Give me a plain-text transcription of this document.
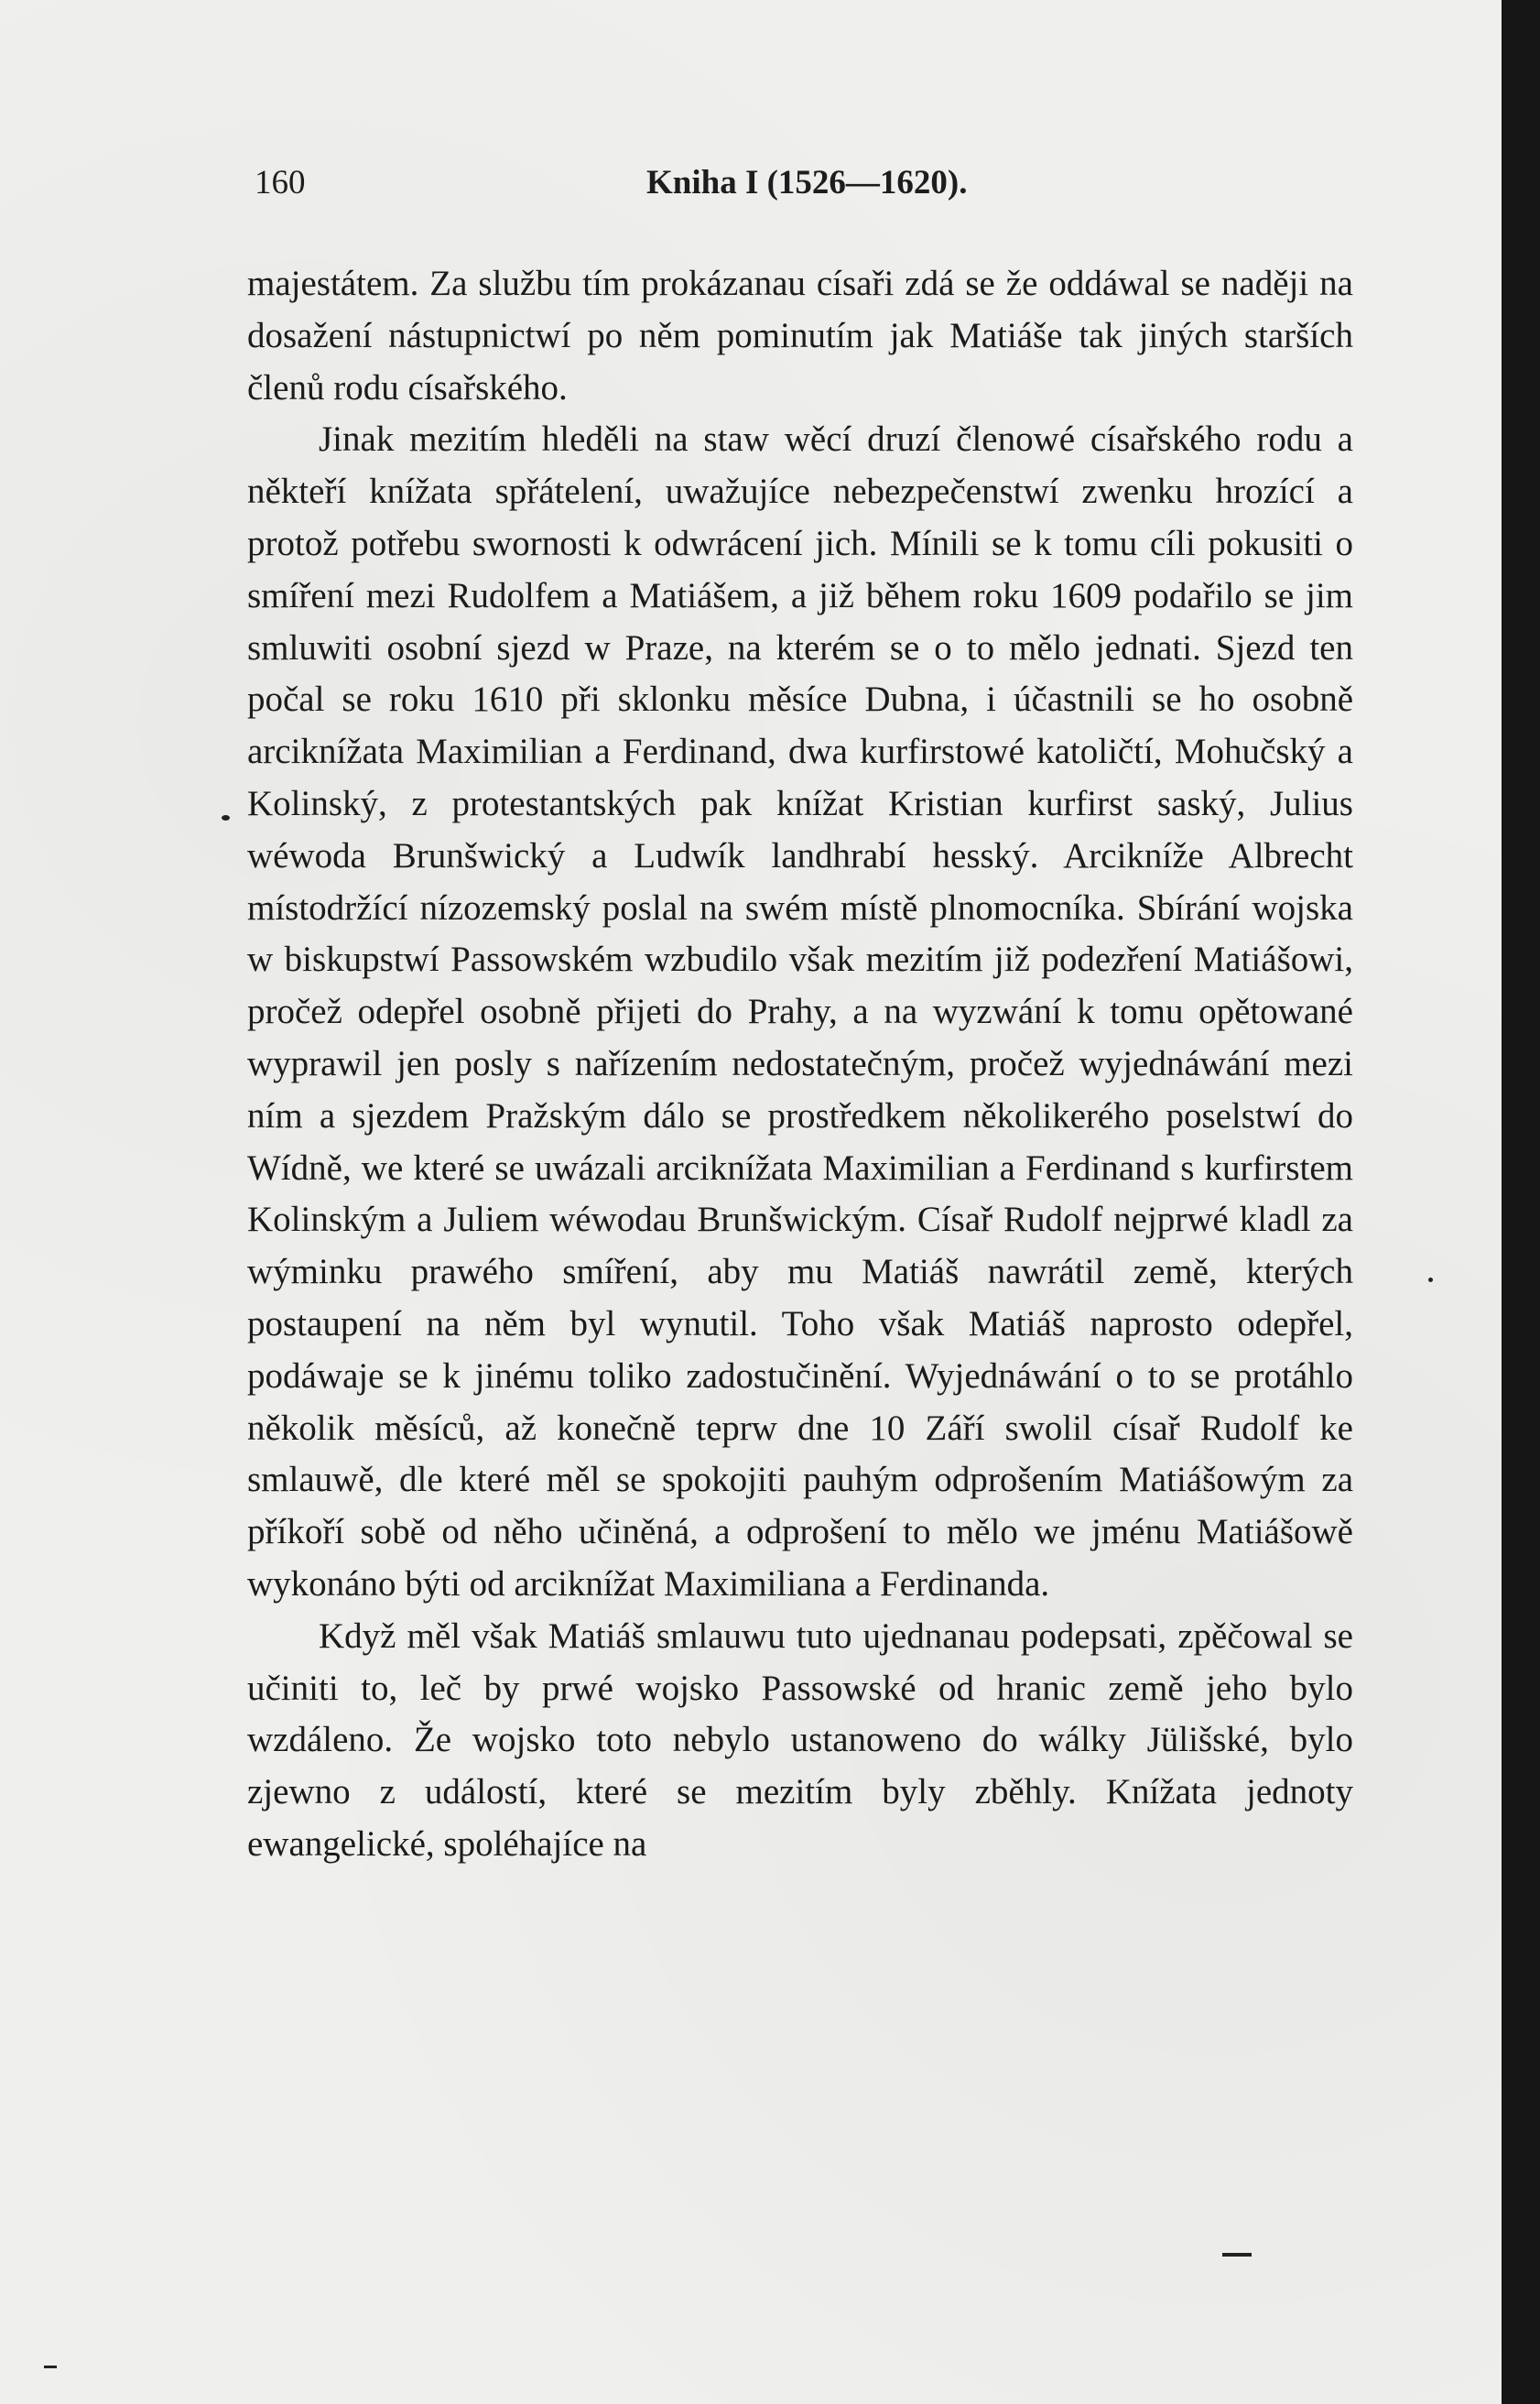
160	Kniha I (1526—1620).

majestátem. Za službu tím prokázanau císaři zdá se že oddáwal se naději na dosažení nástupnictwí po něm pominutím jak Matiáše tak jiných starších členů rodu císařského.

Jinak mezitím hleděli na staw wěcí druzí členowé císařského rodu a někteří knížata spřátelení, uwažujíce nebezpečenstwí zwenku hrozící a protož potřebu swornosti k odwrácení jich. Mínili se k tomu cíli pokusiti o smíření mezi Rudolfem a Matiášem, a již během roku 1609 podařilo se jim smluwiti osobní sjezd w Praze, na kterém se o to mělo jednati. Sjezd ten počal se roku 1610 při sklonku měsíce Dubna, i účastnili se ho osobně arciknížata Maximilian a Ferdinand, dwa kurfirstowé katoličtí, Mohučský a Kolinský, z protestantských pak knížat Kristian kurfirst saský, Julius wéwoda Brunšwický a Ludwík landhrabí hesský. Arcikníže Albrecht místodržící nízozemský poslal na swém místě plnomocníka. Sbírání wojska w biskupstwí Passowském wzbudilo však mezitím již podezření Matiášowi, pročež odepřel osobně přijeti do Prahy, a na wyzwání k tomu opětowané wyprawil jen posly s nařízením nedostatečným, pročež wyjednáwání mezi ním a sjezdem Pražským dálo se prostředkem několikerého poselstwí do Wídně, we které se uwázali arciknížata Maximilian a Ferdinand s kurfirstem Kolinským a Juliem wéwodau Brunšwickým. Císař Rudolf nejprwé kladl za wýminku prawého smíření, aby mu Matiáš nawrátil země, kterých postaupení na něm byl wynutil. Toho však Matiáš naprosto odepřel, podáwaje se k jinému toliko zadostučinění. Wyjednáwání o to se protáhlo několik měsíců, až konečně teprw dne 10 Září swolil císař Rudolf ke smlauwě, dle které měl se spokojiti pauhým odprošením Matiášowým za příkoří sobě od něho učiněná, a odprošení to mělo we jménu Matiášowě wykonáno býti od arciknížat Maximiliana a Ferdinanda.

Když měl však Matiáš smlauwu tuto ujednanau podepsati, zpěčowal se učiniti to, leč by prwé wojsko Passowské od hranic země jeho bylo wzdáleno. Že wojsko toto nebylo ustanoweno do wálky Jülišské, bylo zjewno z událostí, které se mezitím byly zběhly. Knížata jednoty ewangelické, spoléhajíce na
